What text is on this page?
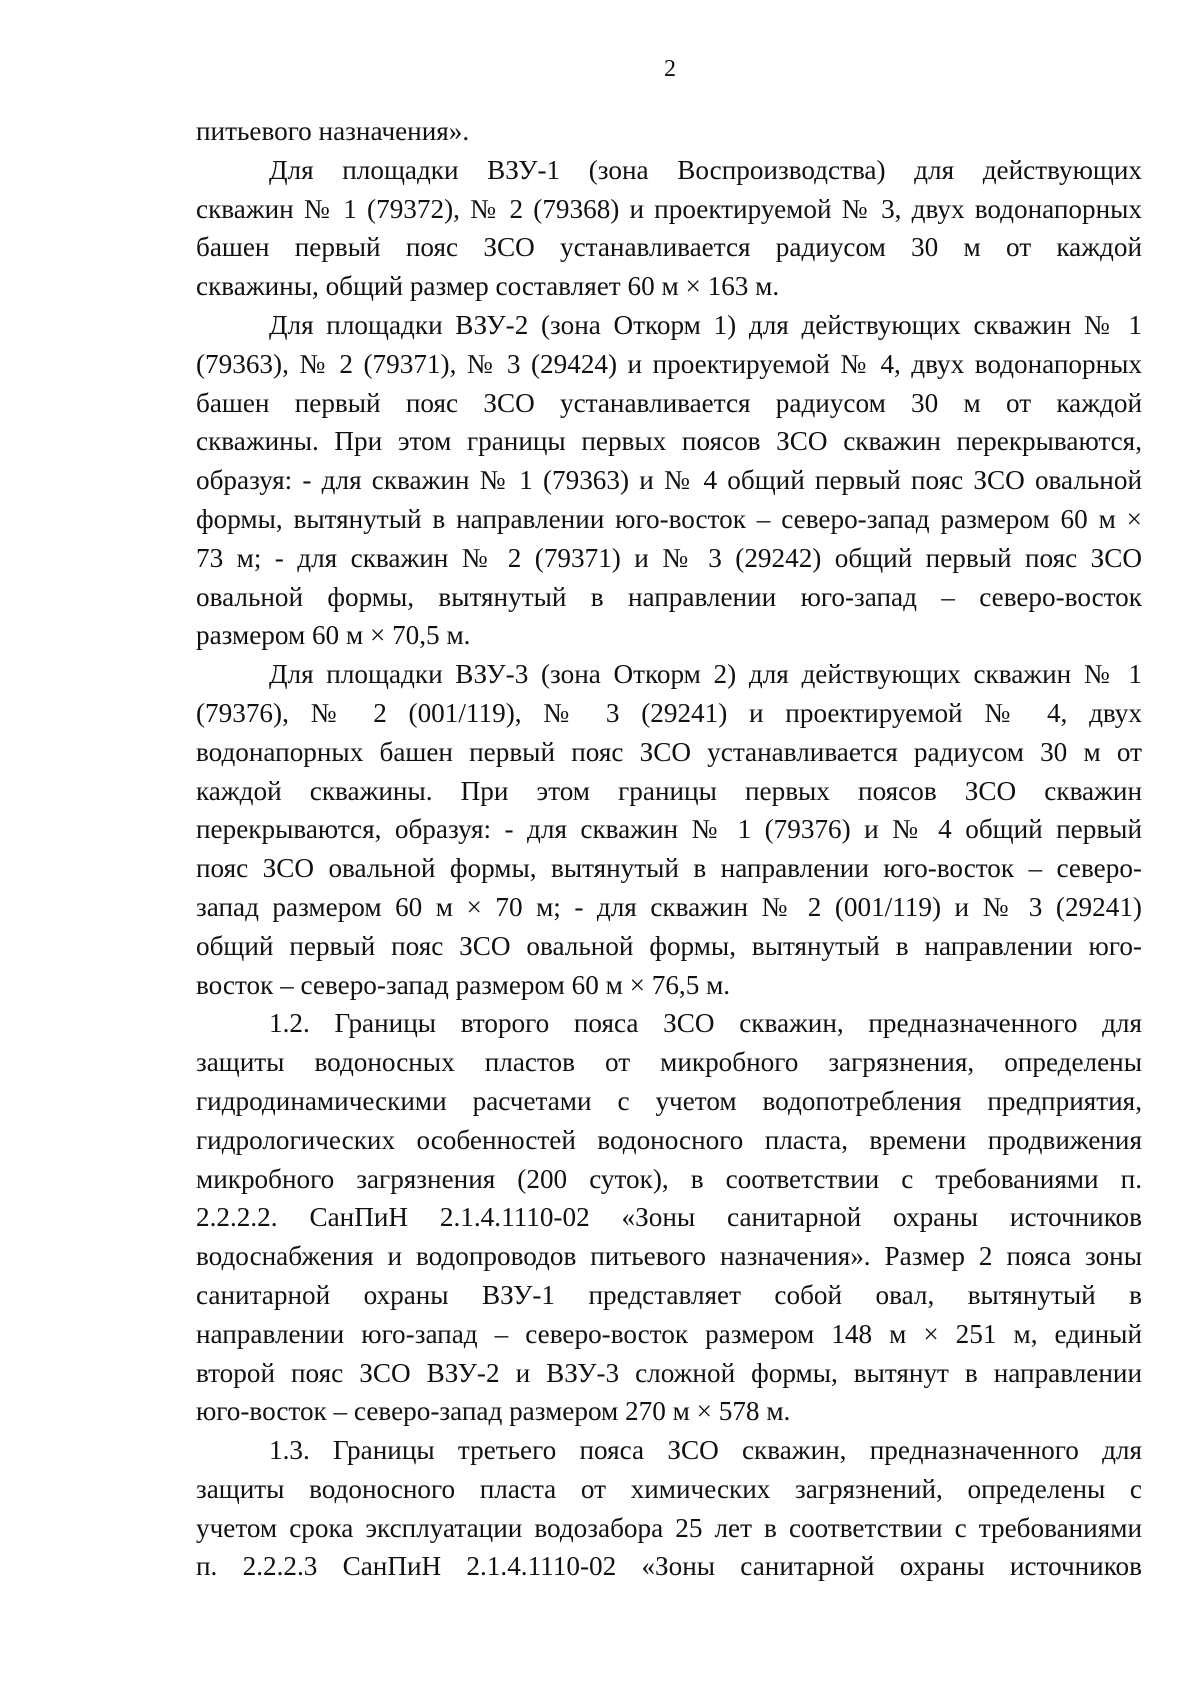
2
питьевого назначения».
Для площадки ВЗУ-1 (зона Воспроизводства) для действующих
скважин № 1 (79372), № 2 (79368) и проектируемой № 3, двух водонапорных
башен первый пояс ЗСО устанавливается радиусом 30 м от каждой
скважины, общий размер составляет 60 м × 163 м.
Для площадки ВЗУ-2 (зона Откорм 1) для действующих скважин № 1
(79363), № 2 (79371), № 3 (29424) и проектируемой № 4, двух водонапорных
башен первый пояс ЗСО устанавливается радиусом 30 м от каждой
скважины. При этом границы первых поясов ЗСО скважин перекрываются,
образуя: - для скважин № 1 (79363) и № 4 общий первый пояс ЗСО овальной
формы, вытянутый в направлении юго-восток – северо-запад размером 60 м ×
73 м; - для скважин № 2 (79371) и № 3 (29242) общий первый пояс ЗСО
овальной формы, вытянутый в направлении юго-запад – северо-восток
размером 60 м × 70,5 м.
Для площадки ВЗУ-3 (зона Откорм 2) для действующих скважин № 1
(79376), № 2 (001/119), № 3 (29241) и проектируемой № 4, двух
водонапорных башен первый пояс ЗСО устанавливается радиусом 30 м от
каждой скважины. При этом границы первых поясов ЗСО скважин
перекрываются, образуя: - для скважин № 1 (79376) и № 4 общий первый
пояс ЗСО овальной формы, вытянутый в направлении юго-восток – северо-
запад размером 60 м × 70 м; - для скважин № 2 (001/119) и № 3 (29241)
общий первый пояс ЗСО овальной формы, вытянутый в направлении юго-
восток – северо-запад размером 60 м × 76,5 м.
1.2. Границы второго пояса ЗСО скважин, предназначенного для
защиты водоносных пластов от микробного загрязнения, определены
гидродинамическими расчетами с учетом водопотребления предприятия,
гидрологических особенностей водоносного пласта, времени продвижения
микробного загрязнения (200 суток), в соответствии с требованиями п.
2.2.2.2. СанПиН 2.1.4.1110-02 «Зоны санитарной охраны источников
водоснабжения и водопроводов питьевого назначения». Размер 2 пояса зоны
санитарной охраны ВЗУ-1 представляет собой овал, вытянутый в
направлении юго-запад – северо-восток размером 148 м × 251 м, единый
второй пояс ЗСО ВЗУ-2 и ВЗУ-3 сложной формы, вытянут в направлении
юго-восток – северо-запад размером 270 м × 578 м.
1.3. Границы третьего пояса ЗСО скважин, предназначенного для
защиты водоносного пласта от химических загрязнений, определены с
учетом срока эксплуатации водозабора 25 лет в соответствии с требованиями
п. 2.2.2.3 СанПиН 2.1.4.1110-02 «Зоны санитарной охраны источников
